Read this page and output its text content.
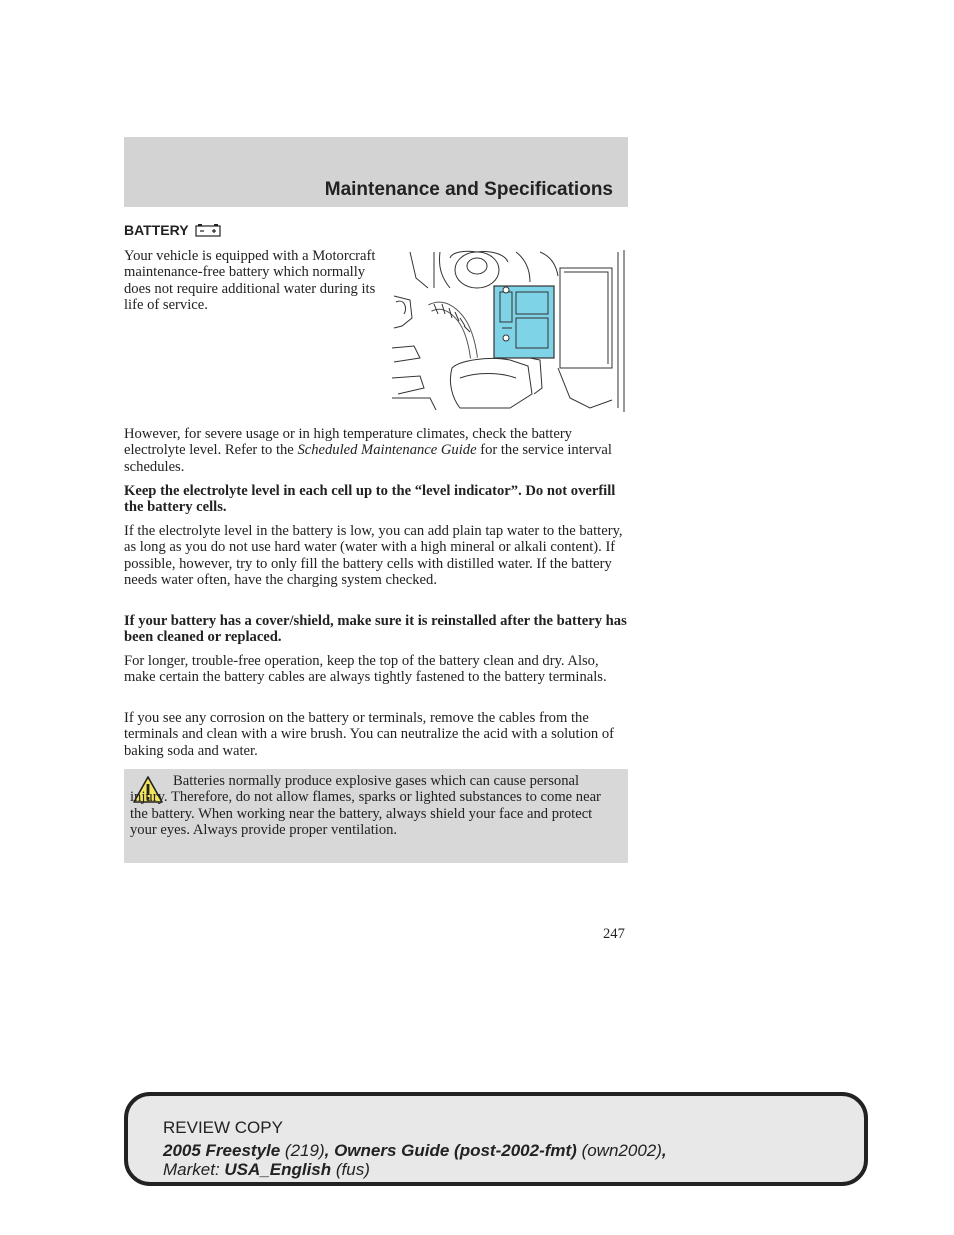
Maintenance and Specifications
BATTERY

Your vehicle is equipped with a Motorcraft maintenance-free battery which normally does not require additional water during its life of service.

However, for severe usage or in high temperature climates, check the battery electrolyte level. Refer to the Scheduled Maintenance Guide for the service interval schedules.

Keep the electrolyte level in each cell up to the “level indicator”. Do not overfill the battery cells.

If the electrolyte level in the battery is low, you can add plain tap water to the battery, as long as you do not use hard water (water with a high mineral or alkali content). If possible, however, try to only fill the battery cells with distilled water. If the battery needs water often, have the charging system checked.

If your battery has a cover/shield, make sure it is reinstalled after the battery has been cleaned or replaced.

For longer, trouble-free operation, keep the top of the battery clean and dry. Also, make certain the battery cables are always tightly fastened to the battery terminals.

If you see any corrosion on the battery or terminals, remove the cables from the terminals and clean with a wire brush. You can neutralize the acid with a solution of baking soda and water.

Batteries normally produce explosive gases which can cause personal injury. Therefore, do not allow flames, sparks or lighted substances to come near the battery. When working near the battery, always shield your face and protect your eyes. Always provide proper ventilation.

247
REVIEW COPY
2005 Freestyle (219), Owners Guide (post-2002-fmt) (own2002),
Market: USA_English (fus)
